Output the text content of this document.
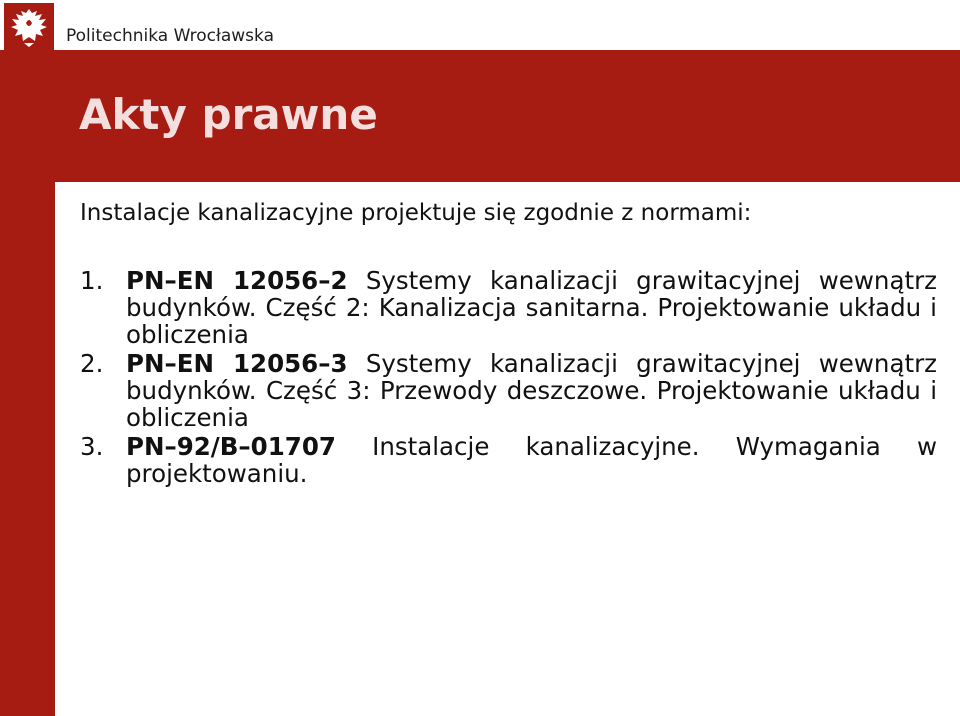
Politechnika Wrocławska
Akty prawne

Instalacje kanalizacyjne projektuje się zgodnie z normami:

1. PN–EN 12056–2 Systemy kanalizacji grawitacyjnej wewnątrz budynków. Część 2: Kanalizacja sanitarna. Projektowanie układu i obliczenia
2. PN–EN 12056–3 Systemy kanalizacji grawitacyjnej wewnątrz budynków. Część 3: Przewody deszczowe. Projektowanie układu i obliczenia
3. PN–92/B–01707 Instalacje kanalizacyjne. Wymagania w projektowaniu.
